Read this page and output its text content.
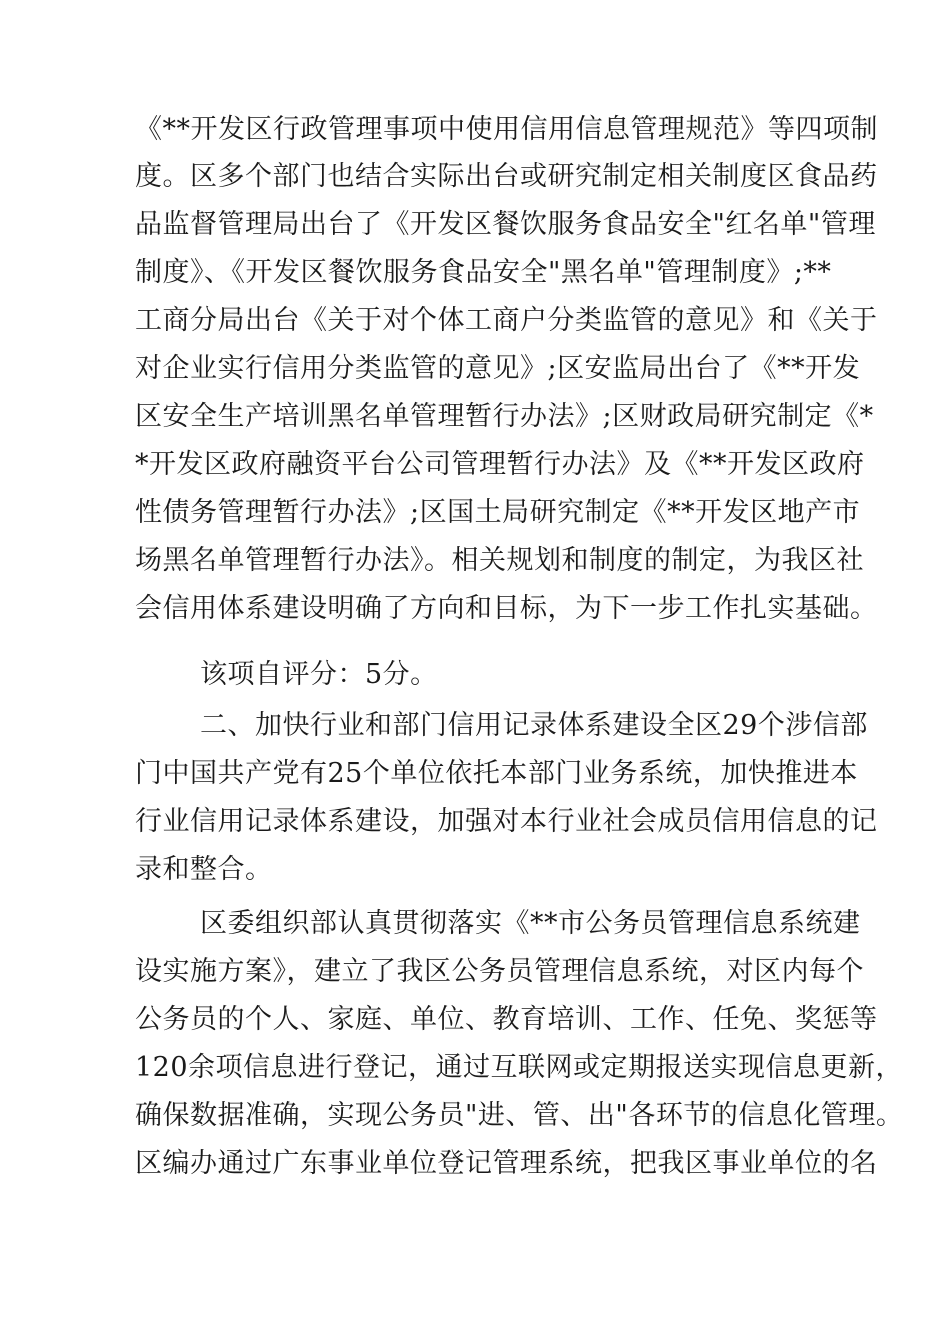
《**开发区行政管理事项中使用信用信息管理规范》等四项制
度。区多个部门也结合实际出台或研究制定相关制度区食品药
品监督管理局出台了《开发区餐饮服务食品安全"红名单"管理
制度》、《开发区餐饮服务食品安全"黑名单"管理制度》;**
工商分局出台《关于对个体工商户分类监管的意见》和《关于
对企业实行信用分类监管的意见》;区安监局出台了《**开发
区安全生产培训黑名单管理暂行办法》;区财政局研究制定《*
*开发区政府融资平台公司管理暂行办法》及《**开发区政府
性债务管理暂行办法》;区国土局研究制定《**开发区地产市
场黑名单管理暂行办法》。相关规划和制度的制定，为我区社
会信用体系建设明确了方向和目标，为下一步工作扎实基础。
该项自评分：5分。
二、加快行业和部门信用记录体系建设全区29个涉信部
门中国共产党有25个单位依托本部门业务系统，加快推进本
行业信用记录体系建设，加强对本行业社会成员信用信息的记
录和整合。
区委组织部认真贯彻落实《**市公务员管理信息系统建
设实施方案》，建立了我区公务员管理信息系统，对区内每个
公务员的个人、家庭、单位、教育培训、工作、任免、奖惩等
120余项信息进行登记，通过互联网或定期报送实现信息更新，
确保数据准确，实现公务员"进、管、出"各环节的信息化管理。
区编办通过广东事业单位登记管理系统，把我区事业单位的名
